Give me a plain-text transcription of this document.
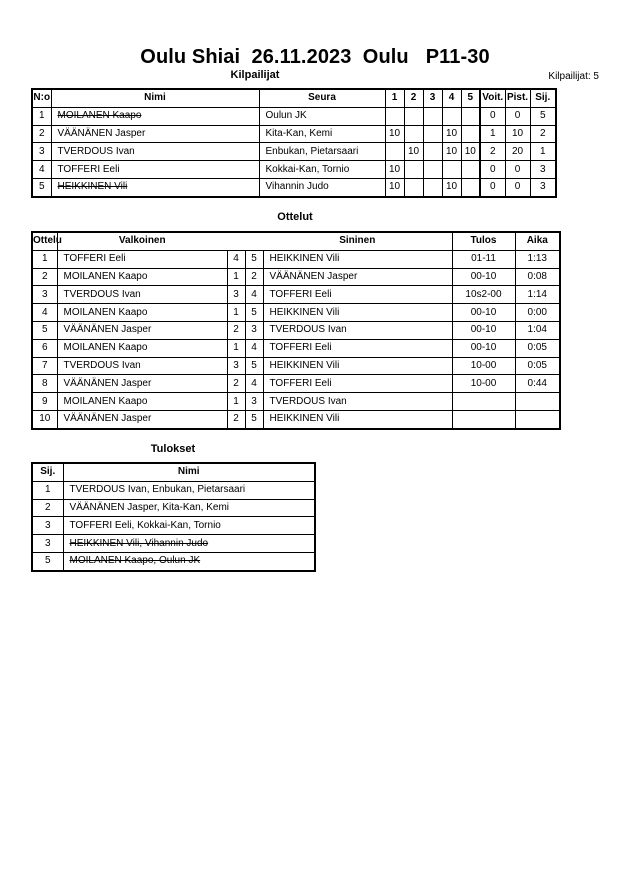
Oulu Shiai  26.11.2023  Oulu   P11-30
Kilpailijat	Kilpailijat: 5
N:o	Nimi	Seura	1	2	3	4	5	Voit.	Pist.	Sij.
1	MOILANEN Kaapo	Oulun JK						0	0	5
2	VÄÄNÄNEN Jasper	Kita-Kan, Kemi	10			10		1	10	2
3	TVERDOUS Ivan	Enbukan, Pietarsaari		10		10	10	2	20	1
4	TOFFERI Eeli	Kokkai-Kan, Tornio	10					0	0	3
5	HEIKKINEN Vili	Vihannin Judo	10			10		0	0	3
Ottelut
Ottelu	Valkoinen			Sininen	Tulos	Aika
1	TOFFERI Eeli	4	5	HEIKKINEN Vili	01-11	1:13
2	MOILANEN Kaapo	1	2	VÄÄNÄNEN Jasper	00-10	0:08
3	TVERDOUS Ivan	3	4	TOFFERI Eeli	10s2-00	1:14
4	MOILANEN Kaapo	1	5	HEIKKINEN Vili	00-10	0:00
5	VÄÄNÄNEN Jasper	2	3	TVERDOUS Ivan	00-10	1:04
6	MOILANEN Kaapo	1	4	TOFFERI Eeli	00-10	0:05
7	TVERDOUS Ivan	3	5	HEIKKINEN Vili	10-00	0:05
8	VÄÄNÄNEN Jasper	2	4	TOFFERI Eeli	10-00	0:44
9	MOILANEN Kaapo	1	3	TVERDOUS Ivan		
10	VÄÄNÄNEN Jasper	2	5	HEIKKINEN Vili		
Tulokset
Sij.	Nimi
1	TVERDOUS Ivan, Enbukan, Pietarsaari
2	VÄÄNÄNEN Jasper, Kita-Kan, Kemi
3	TOFFERI Eeli, Kokkai-Kan, Tornio
3	HEIKKINEN Vili, Vihannin Judo
5	MOILANEN Kaapo, Oulun JK
